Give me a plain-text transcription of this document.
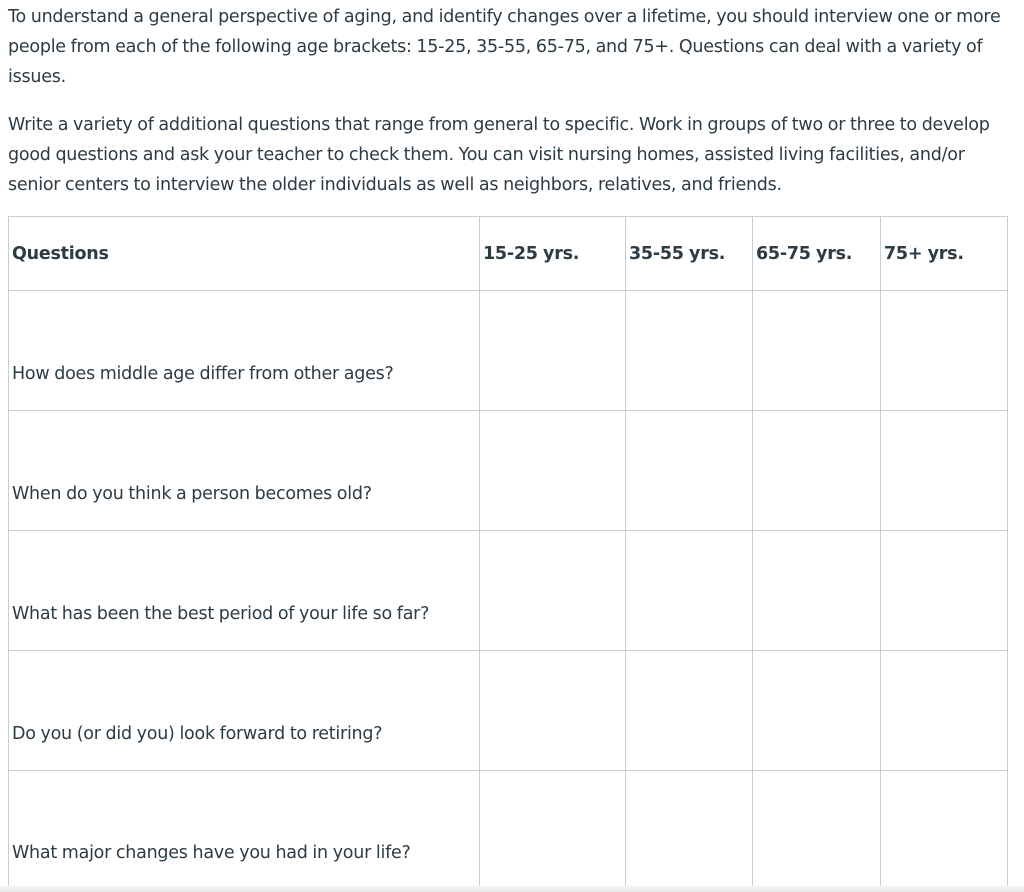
To understand a general perspective of aging, and identify changes over a lifetime, you should interview one or more people from each of the following age brackets: 15-25, 35-55, 65-75, and 75+. Questions can deal with a variety of issues.

Write a variety of additional questions that range from general to specific. Work in groups of two or three to develop good questions and ask your teacher to check them. You can visit nursing homes, assisted living facilities, and/or senior centers to interview the older individuals as well as neighbors, relatives, and friends.

Questions	15-25 yrs.	35-55 yrs.	65-75 yrs.	75+ yrs.
How does middle age differ from other ages?				
When do you think a person becomes old?				
What has been the best period of your life so far?				
Do you (or did you) look forward to retiring?				
What major changes have you had in your life?				
